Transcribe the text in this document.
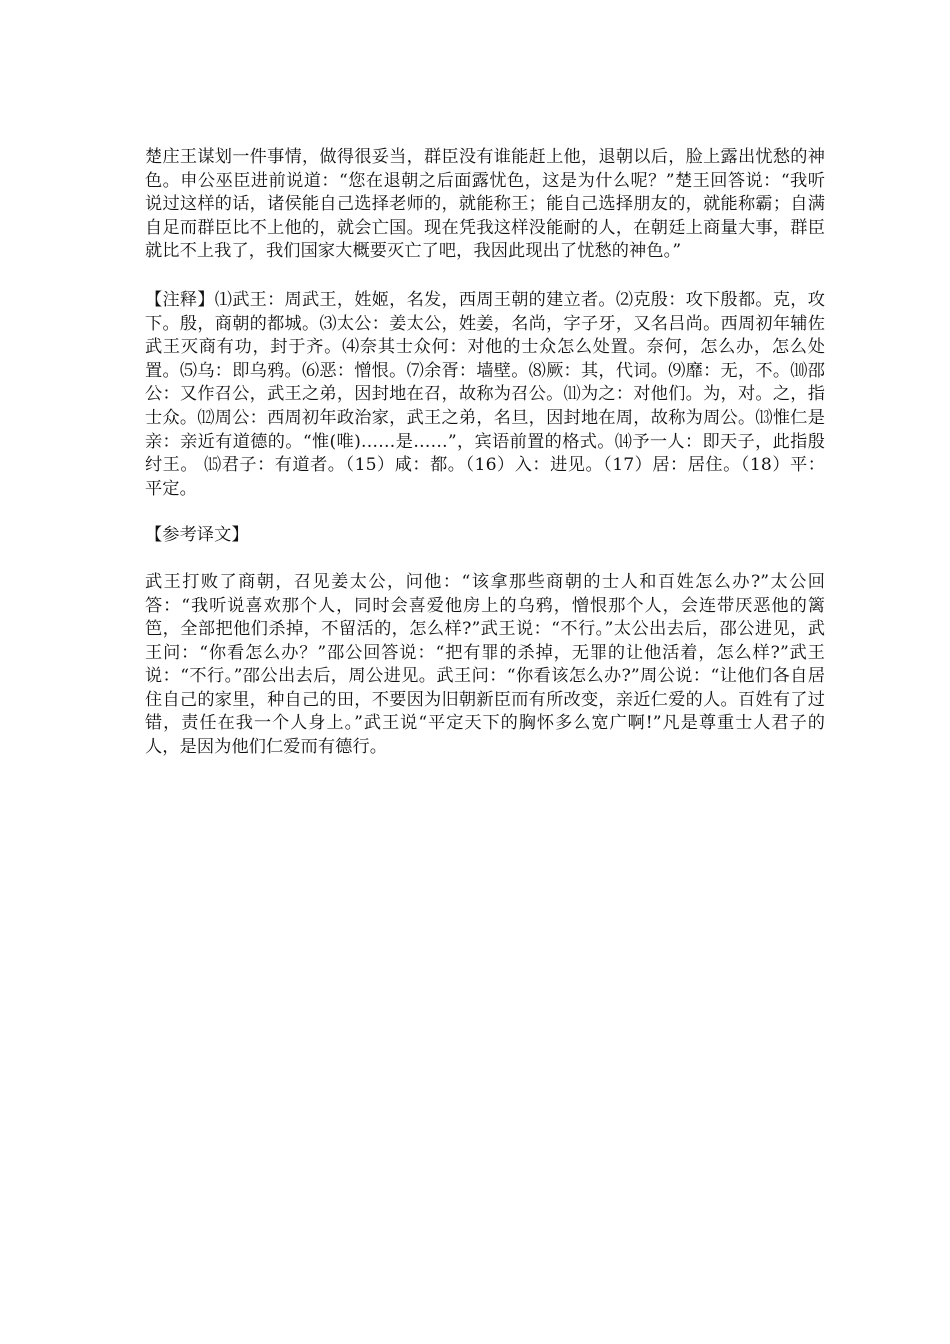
楚庄王谋划一件事情，做得很妥当，群臣没有谁能赶上他，退朝以后，脸上露出忧愁的神色。申公巫臣进前说道：“您在退朝之后面露忧色，这是为什么呢？”楚王回答说：“我听说过这样的话，诸侯能自己选择老师的，就能称王；能自己选择朋友的，就能称霸；自满自足而群臣比不上他的，就会亡国。现在凭我这样没能耐的人，在朝廷上商量大事，群臣就比不上我了，我们国家大概要灭亡了吧，我因此现出了忧愁的神色。”

【注释】⑴武王：周武王，姓姬，名发，西周王朝的建立者。⑵克殷：攻下殷都。克，攻下。殷，商朝的都城。⑶太公：姜太公，姓姜，名尚，字子牙，又名吕尚。西周初年辅佐武王灭商有功，封于齐。⑷奈其士众何：对他的士众怎么处置。奈何，怎么办，怎么处置。⑸乌：即乌鸦。⑹恶：憎恨。⑺余胥：墙壁。⑻厥：其，代词。⑼靡：无，不。⑽邵公：又作召公，武王之弟，因封地在召，故称为召公。⑾为之：对他们。为，对。之，指士众。⑿周公：西周初年政治家，武王之弟，名旦，因封地在周，故称为周公。⒀惟仁是亲：亲近有道德的。“惟(唯)……是……”，宾语前置的格式。⒁予一人：即天子，此指殷纣王。 ⒂君子：有道者。（15）咸：都。（16）入：进见。（17）居：居住。（18）平：平定。

【参考译文】

武王打败了商朝，召见姜太公，问他：“该拿那些商朝的士人和百姓怎么办?”太公回答：“我听说喜欢那个人，同时会喜爱他房上的乌鸦，憎恨那个人，会连带厌恶他的篱笆，全部把他们杀掉，不留活的，怎么样?”武王说：“不行。”太公出去后，邵公进见，武王问：“你看怎么办？”邵公回答说：“把有罪的杀掉，无罪的让他活着，怎么样?”武王说：“不行。”邵公出去后，周公进见。武王问：“你看该怎么办?”周公说：“让他们各自居住自己的家里，种自己的田，不要因为旧朝新臣而有所改变，亲近仁爱的人。百姓有了过错，责任在我一个人身上。”武王说“平定天下的胸怀多么宽广啊!”凡是尊重士人君子的人，是因为他们仁爱而有德行。
